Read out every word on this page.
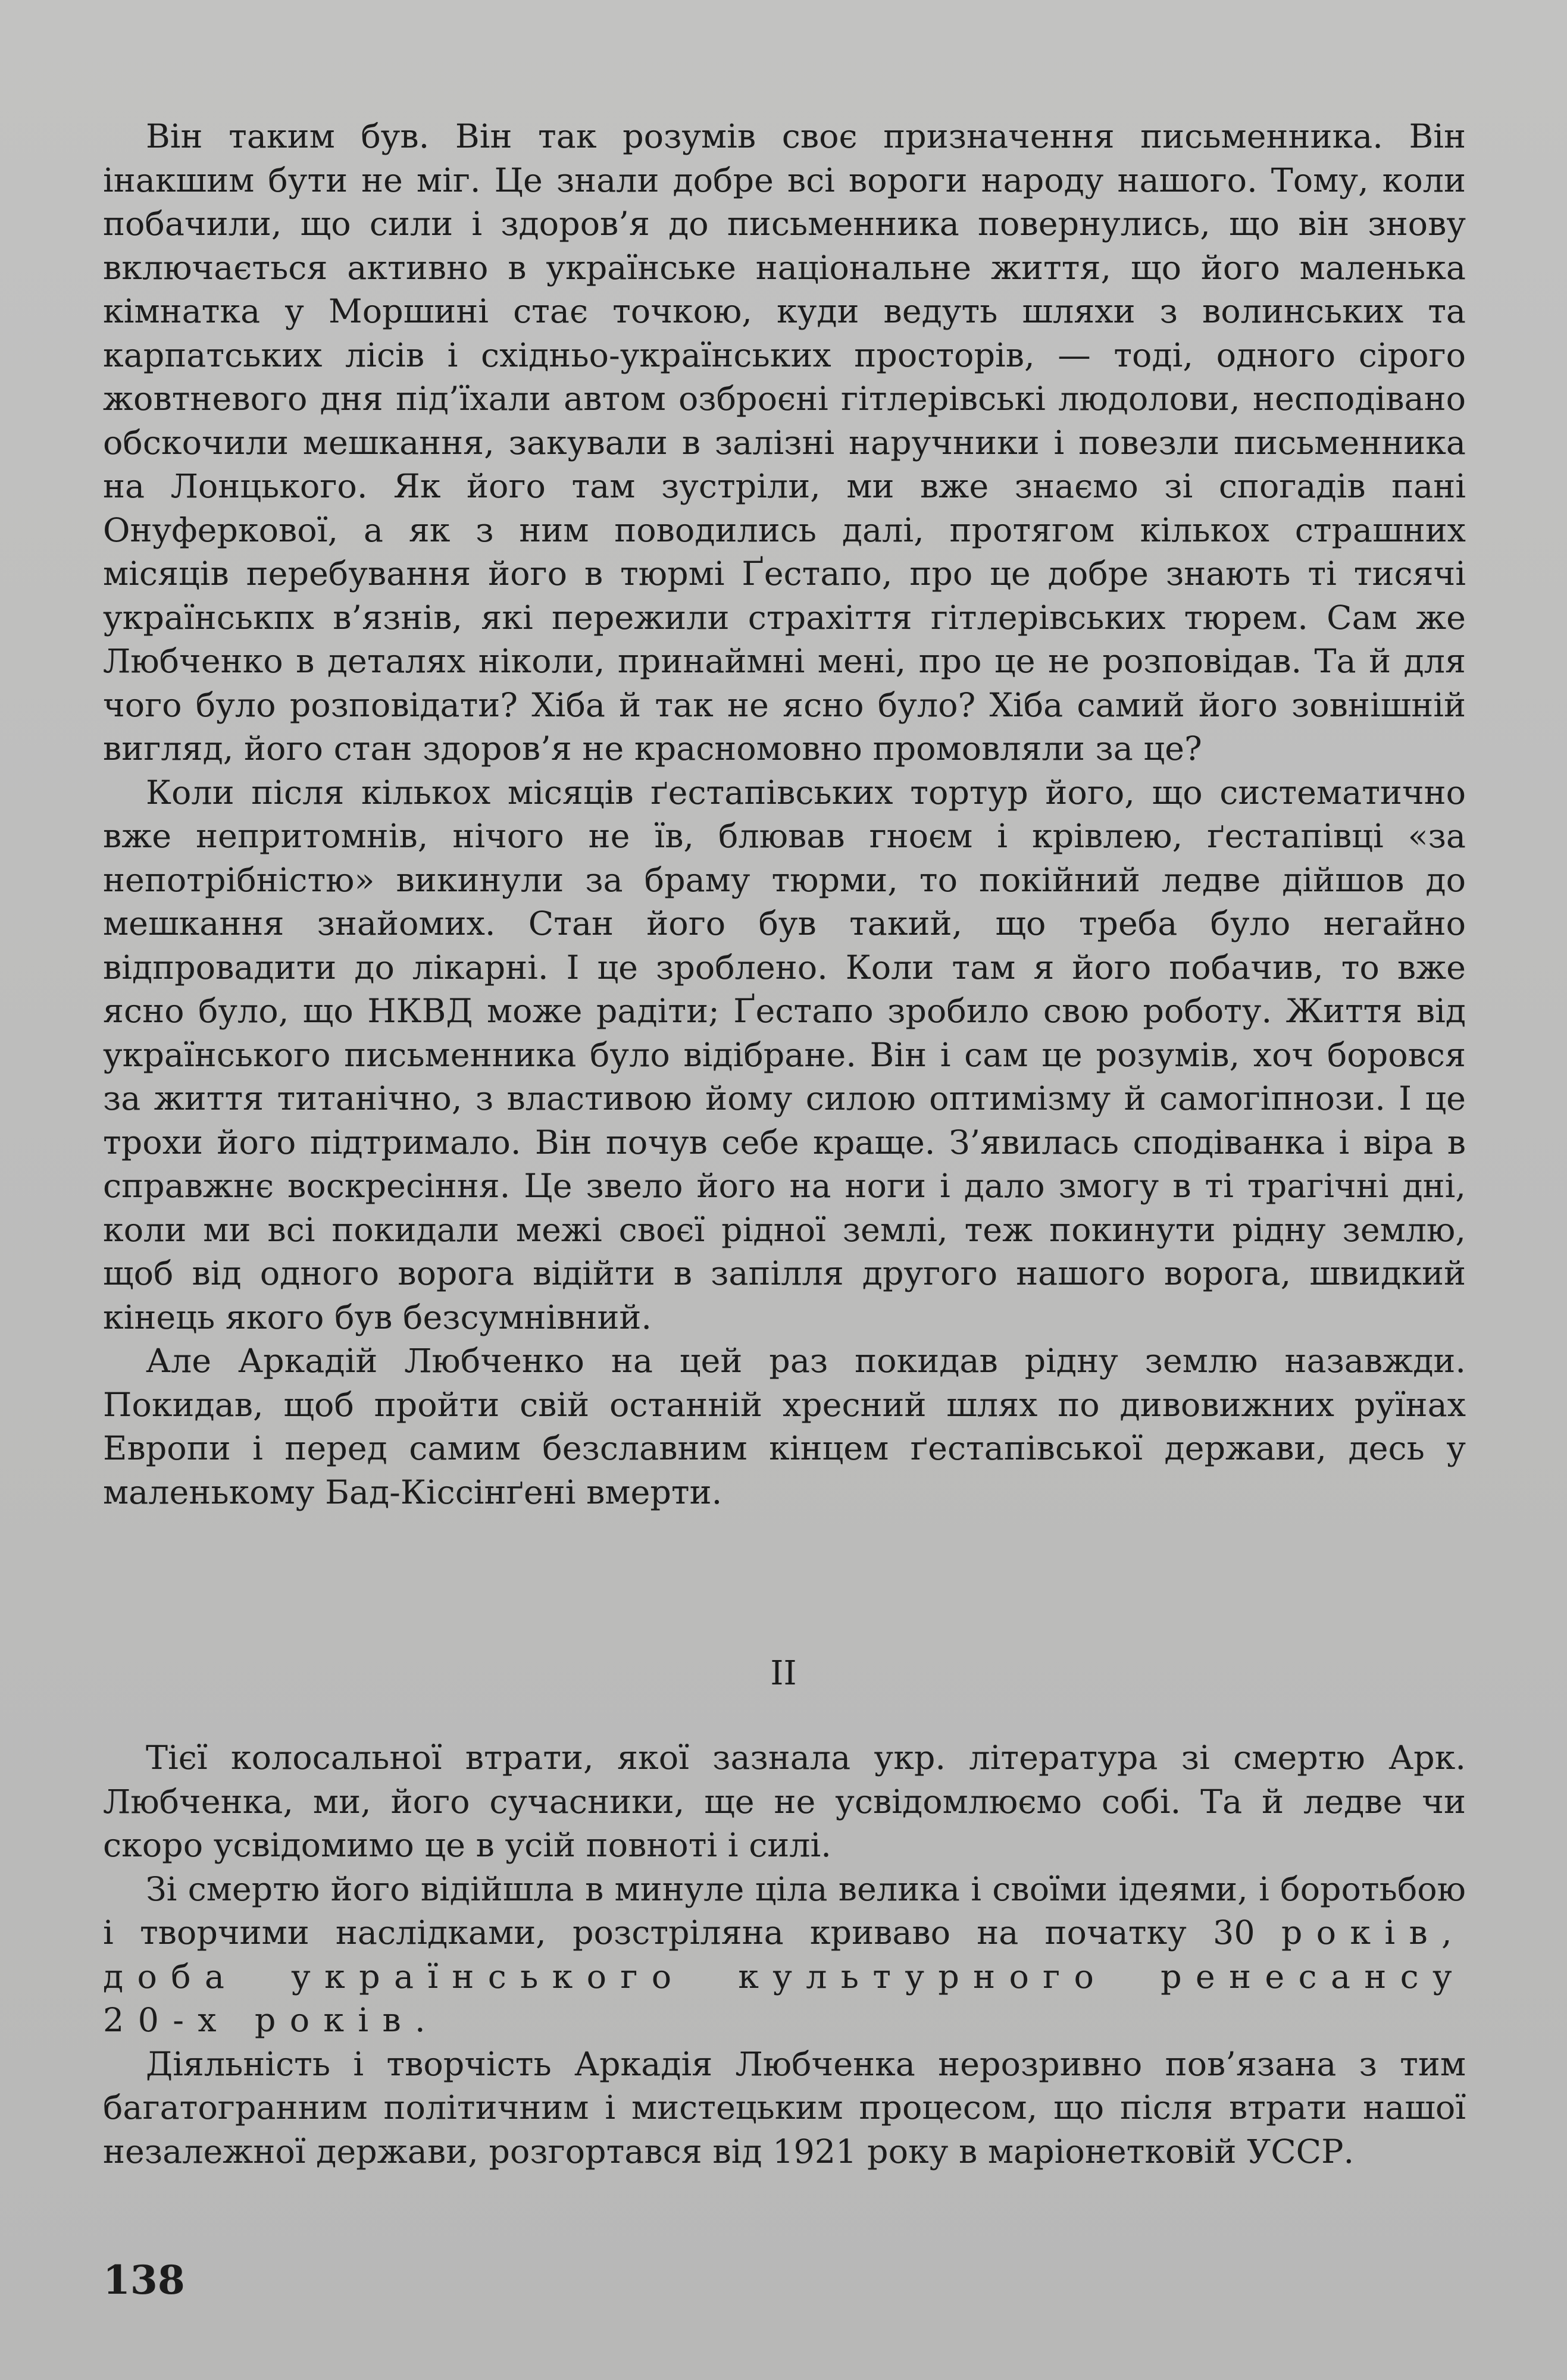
Він таким був. Він так розумів своє призначення письменника. Він інакшим бути не міг. Це знали добре всі вороги народу нашого. Тому, коли побачили, що сили і здоров’я до письменника повернулись, що він знову включається активно в українське національне життя, що його маленька кімнатка у Моршині стає точкою, куди ведуть шляхи з волинських та карпатських лісів і східньо-українських просторів, — тоді, одного сірого жовтневого дня під’їхали автом озброєні гітлерівські людолови, несподівано обскочили мешкання, закували в залізні наручники і повезли письменника на Лонцького. Як його там зустріли, ми вже знаємо зі спогадів пані Онуферкової, а як з ним поводились далі, протягом кількох страшних місяців перебування його в тюрмі Ґестапо, про це добре знають ті тисячі українськпх в’язнів, які пережили страхіття гітлерівських тюрем. Сам же Любченко в деталях ніколи, принаймні мені, про це не розповідав. Та й для чого було розповідати? Хіба й так не ясно було? Хіба самий його зовнішній вигляд, його стан здоров’я не красномовно промовляли за це?

Коли після кількох місяців ґестапівських тортур його, що систематично вже непритомнів, нічого не їв, блював гноєм і крівлею, ґестапівці «за непотрібністю» викинули за браму тюрми, то покійний ледве дійшов до мешкання знайомих. Стан його був такий, що треба було негайно відпровадити до лікарні. І це зроблено. Коли там я його побачив, то вже ясно було, що НКВД може радіти; Ґестапо зробило свою роботу. Життя від українського письменника було відібране. Він і сам це розумів, хоч боровся за життя титанічно, з властивою йому силою оптимізму й самогіпнози. І це трохи його підтримало. Він почув себе краще. З’явилась сподіванка і віра в справжнє воскресіння. Це звело його на ноги і дало змогу в ті трагічні дні, коли ми всі покидали межі своєї рідної землі, теж покинути рідну землю, щоб від одного ворога відійти в запілля другого нашого ворога, швидкий кінець якого був безсумнівний.

Але Аркадій Любченко на цей раз покидав рідну землю назавжди. Покидав, щоб пройти свій останній хресний шлях по дивовижних руїнах Европи і перед самим безславним кінцем ґестапівської держави, десь у маленькому Бад-Кіссінґені вмерти.

II

Тієї колосальної втрати, якої зазнала укр. література зі смертю Арк. Любченка, ми, його сучасники, ще не усвідомлюємо собі. Та й ледве чи скоро усвідомимо це в усій повноті і силі.

Зі смертю його відійшла в минуле ціла велика і своїми ідеями, і боротьбою і творчими наслідками, розстріляна криваво на початку 30 років, доба українського культурного ренесансу 20-х років.

Діяльність і творчість Аркадія Любченка нерозривно пов’язана з тим багатогранним політичним і мистецьким процесом, що після втрати нашої незалежної держави, розгортався від 1921 року в маріонетковій УССР.

138
